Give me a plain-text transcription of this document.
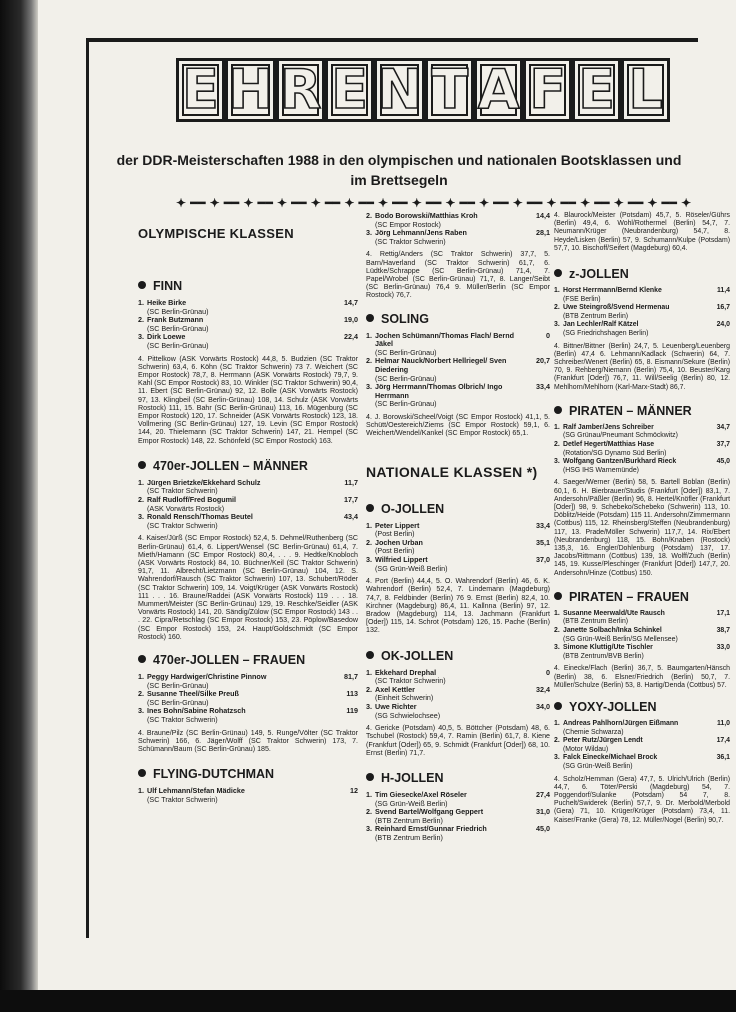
E H R E N T A F E L
der DDR-Meisterschaften 1988 in den olympischen und nationalen Bootsklassen und
im Brettsegeln
✦ ━━ ✦ ━━ ✦ ━━ ✦ ━━ ✦ ━━ ✦ ━━ ✦ ━━ ✦ ━━ ✦ ━━ ✦ ━━ ✦ ━━ ✦ ━━ ✦ ━━ ✦ ━━ ✦ ━━ ✦
OLYMPISCHE KLASSEN
FINN
1. Heike Birke
(SC Berlin-Grünau)
14,7
2. Frank Butzmann
(SC Berlin-Grünau)
19,0
3. Dirk Loewe
(SC Berlin-Grünau)
22,4

4. Pittelkow (ASK Vorwärts Rostock) 44,8, 5. Budzien (SC Traktor Schwerin) 63,4, 6. Köhn (SC Traktor Schwerin) 73 7. Weichert (SC Empor Rostock) 78,7, 8. Herrmann (ASK Vorwärts Rostock) 79,7, 9. Kahl (SC Empor Rostock) 83, 10. Winkler (SC Traktor Schwerin) 90,4, 11. Ebert (SC Berlin-Grünau) 92, 12. Bolle (ASK Vorwärts Rostock) 97, 13. Klingbeil (SC Berlin-Grünau) 108, 14. Schulz (ASK Vorwärts Rostock) 111, 15. Bahr (SC Berlin-Grünau) 113, 16. Mügenburg (SC Empor Rostock) 120, 17. Schneider (ASK Vorwärts Rostock) 123, 18. Vollmering (SC Berlin-Grünau) 127, 19. Levin (SC Empor Rostock) 144, 20. Thielemann (SC Traktor Schwerin) 147, 21. Hempel (SC Empor Rostock) 148, 22. Schönfeld (SC Empor Rostock) 163.

470er-JOLLEN – MÄNNER
1. Jürgen Brietzke/Ekkehard Schulz
(SC Traktor Schwerin)
11,7
2. Ralf Rudloff/Fred Bogumil
(ASK Vorwärts Rostock)
17,7
3. Ronald Rensch/Thomas Beutel
(SC Traktor Schwerin)
43,4

4. Kaiser/Jürß (SC Empor Rostock) 52,4, 5. Dehmel/Ruthenberg (SC Berlin-Grünau) 61,4, 6. Lippert/Wensel (SC Berlin-Grünau) 61,4, 7. Mieth/Hamann (SC Empor Rostock) 80,4, . . . 9. Hedtke/Knobloch (ASK Vorwärts Rostock) 84, 10. Büchner/Keil (SC Traktor Schwerin) 91,7, 11. Albrecht/Lietzmann (SC Berlin-Grünau) 104, 12. S. Wahrendorf/Rausch (SC Traktor Schwerin) 107, 13. Schubert/Röder (SC Traktor Schwerin) 109, 14. Voigt/Krüger (ASK Vorwärts Rostock) 111 . . . 16. Braune/Raddei (ASK Vorwärts Rostock) 119 . . . 18. Mummert/Meister (SC Berlin-Grünau) 129, 19. Reschke/Seidler (ASK Vorwärts Rostock) 141, 20. Sändig/Zülow (SC Empor Rostock) 143 . . . 22. Cipra/Retschlag (SC Empor Rostock) 153, 23. Pöplow/Basedow (SC Empor Rostock) 153, 24. Haupt/Goldschmidt (SC Empor Rostock) 160.

470er-JOLLEN – FRAUEN
1. Peggy Hardwiger/Christine Pinnow
(SC Berlin-Grünau)
81,7
2. Susanne Theel/Silke Preuß
(SC Berlin-Grünau)
113
3. Ines Bohn/Sabine Rohatzsch
(SC Traktor Schwerin)
119

4. Braune/Pilz (SC Berlin-Grünau) 149, 5. Runge/Völter (SC Traktor Schwerin) 166, 6. Jäger/Wolff (SC Traktor Schwerin) 173, 7. Schümann/Baum (SC Berlin-Grünau) 185.

FLYING-DUTCHMAN
1. Ulf Lehmann/Stefan Mädicke
(SC Traktor Schwerin)
12
2. Bodo Borowski/Matthias Kroh
(SC Empor Rostock)
14,4
3. Jörg Lehmann/Jens Raben
(SC Traktor Schwerin)
28,1

4. Rettig/Anders (SC Traktor Schwerin) 37,7, 5. Barn/Haverland (SC Traktor Schwerin) 61,7, 6. Lüdtke/Schrappe (SC Berlin-Grünau) 71,4, 7. Papel/Wrobel (SC Berlin-Grünau) 71,7, 8. Langer/Seibt (SC Berlin-Grünau) 76,4 9. Müller/Berlin (SC Empor Rostock) 76,7.

SOLING
1. Jochen Schümann/Thomas Flach/ Bernd Jäkel
(SC Berlin-Grünau)
0
2. Helmar Nauck/Norbert Hellriegel/ Sven Diedering
(SC Berlin-Grünau)
20,7
3. Jörg Herrmann/Thomas Olbrich/ Ingo Herrmann
(SC Berlin-Grünau)
33,4

4. J. Borowski/Scheel/Voigt (SC Empor Rostock) 41,1, 5. Schütt/Oestereich/Ziems (SC Empor Rostock) 59,1, 6. Weichert/Wendel/Kankel (SC Empor Rostock) 65,1.

NATIONALE KLASSEN *)
O-JOLLEN
1. Peter Lippert
(Post Berlin)
33,4
2. Jochen Urban
(Post Berlin)
35,1
3. Wilfried Lippert
(SG Grün-Weiß Berlin)
37,0

4. Port (Berlin) 44,4, 5. O. Wahrendorf (Berlin) 46, 6. K. Wahrendorf (Berlin) 52,4, 7. Lindemann (Magdeburg) 74,7, 8. Feldbinder (Berlin) 76 9. Ernst (Berlin) 82,4, 10. Kirchner (Magdeburg) 86,4, 11. Kallnna (Berlin) 97, 12. Bradow (Magdeburg) 114, 13. Jachmann (Frankfurt [Oder]) 115, 14. Schrot (Potsdam) 126, 15. Pache (Berlin) 132.

OK-JOLLEN
1. Ekkehard Drephal
(SC Traktor Schwerin)
0
2. Axel Kettler
(Einheit Schwerin)
32,4
3. Uwe Richter
(SG Schwielochsee)
34,0

4. Gericke (Potsdam) 40,5, 5. Böttcher (Potsdam) 48, 6. Tschubel (Rostock) 59,4, 7. Ramin (Berlin) 61,7, 8. Kiene (Frankfurt [Oder]) 65, 9. Schmidt (Frankfurt [Oder]) 68, 10. Ernst (Berlin) 71,7.

H-JOLLEN
1. Tim Giesecke/Axel Röseler
(SG Grün-Weiß Berlin)
27,4
2. Svend Bartel/Wolfgang Geppert
(BTB Zentrum Berlin)
31,0
3. Reinhard Ernst/Gunnar Friedrich
(BTB Zentrum Berlin)
45,0

4. Blaurock/Meister (Potsdam) 45,7, 5. Röseler/Gührs (Berlin) 49,4, 6. Wohl/Rothermel (Berlin) 54,7, 7. Neumann/Krüger (Neubrandenburg) 54,7, 8. Heyde/Lisken (Berlin) 57, 9. Schumann/Kulpe (Potsdam) 57,7, 10. Bischoff/Seifert (Magdeburg) 60,4.

z-JOLLEN
1. Horst Herrmann/Bernd Klenke
(FSE Berlin)
11,4
2. Uwe Steingroß/Svend Hermenau
(BTB Zentrum Berlin)
16,7
3. Jan Lechler/Ralf Kätzel
(SG Friedrichshagen Berlin)
24,0

4. Bittner/Bittner (Berlin) 24,7, 5. Leuenberg/Leuenberg (Berlin) 47,4 6. Lehmann/Kadlack (Schwerin) 64, 7. Schreiber/Wenert (Berlin) 65, 8. Eismann/Sekure (Berlin) 70, 9. Rehberg/Niemann (Berlin) 75,4, 10. Beuster/Karg (Frankfurt [Oder]) 76,7, 11. Will/Seelig (Berlin) 80, 12. Mehlhorn/Mehlhorn (Karl-Marx-Stadt) 86,7.

PIRATEN – MÄNNER
1. Ralf Jamber/Jens Schreiber
(SG Grünau/Pneumant Schmöckwitz)
34,7
2. Detlef Hegert/Matthias Hase
(Rotation/SG Dynamo Süd Berlin)
37,7
3. Wolfgang Gantzen/Burkhard Rieck
(HSG IHS Warnemünde)
45,0

4. Saeger/Werner (Berlin) 58, 5. Bartell Boblan (Berlin) 60,1, 6. H. Bierbrauer/Studis (Frankfurt [Oder]) 83,1, 7. Andersohn/Päßler (Berlin) 96, 8. Hertel/Knöfler (Frankfurt [Oder]) 98, 9. Schebeko/Schebeko (Schwerin) 113, 10. Döblitz/Heide (Potsdam) 115 11. Andersohn/Zimmermann (Cottbus) 115, 12. Rheinsberg/Steffen (Neubrandenburg) 117, 13. Prade/Möller Schwerin) 117,7, 14. Rix/Ebert (Neubrandenburg) 118, 15. Bohn/Knaben (Rostock) 135,3, 16. Engler/Dohlenburg (Potsdam) 137, 17. Jacobs/Rittmann (Cottbus) 139, 18. Wolff/Zuch (Berlin) 145, 19. Kusse/Pleschinger (Frankfurt [Oder]) 147,7, 20. Andersohn/Hinze (Cottbus) 150.

PIRATEN – FRAUEN
1. Susanne Meerwald/Ute Rausch
(BTB Zentrum Berlin)
17,1
2. Janette Solbach/Inka Schinkel
(SG Grün-Weiß Berlin/SG Mellensee)
38,7
3. Simone Kluttig/Ute Tischler
(BTB Zentrum/BVB Berlin)
33,0

4. Einecke/Flach (Berlin) 36,7, 5. Baumgarten/Hänsch (Berlin) 38, 6. Elsner/Friedrich (Berlin) 50,7, 7. Müller/Schulze (Berlin) 53, 8. Hartig/Denda (Cottbus) 57.

YOXY-JOLLEN
1. Andreas Pahlhorn/Jürgen Eißmann
(Chemie Schwarza)
11,0
2. Peter Rutz/Jürgen Lendt
(Motor Wildau)
17,4
3. Falck Einecke/Michael Brock
(SG Grün-Weiß Berlin)
36,1

4. Scholz/Hemman (Gera) 47,7, 5. Ulrich/Ulrich (Berlin) 44,7, 6. Töter/Perski (Magdeburg) 54, 7. Poggendorf/Sulanke (Potsdam) 54 7, 8. Puchelt/Swiderek (Berlin) 57,7, 9. Dr. Merbold/Merbold (Gera) 71, 10. Krüger/Krüger (Potsdam) 73,4, 11. Kaiser/Franke (Gera) 78, 12. Müller/Nogel (Berlin) 90,7.
